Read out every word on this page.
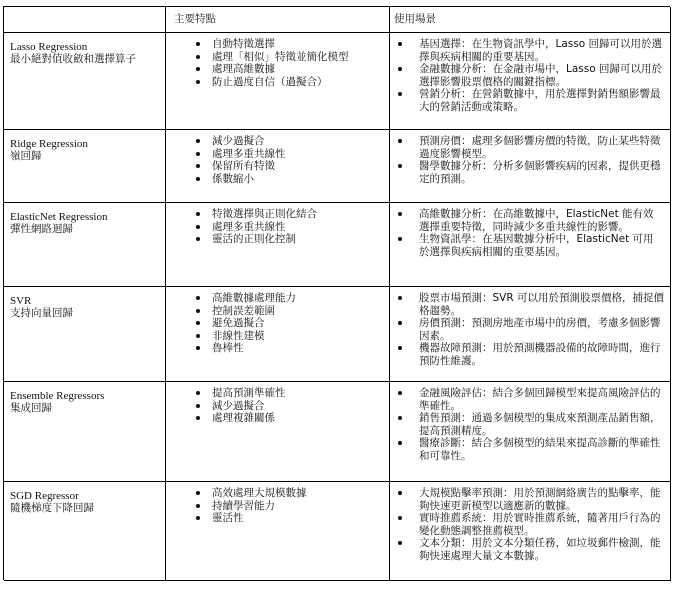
主要特點	使用場景
Lasso Regression
最小絕對值收斂和選擇算子
自動特徵選擇
處理「相似」特徵並簡化模型
處理高維數據
防止過度自信（過擬合）
基因選擇：在生物資訊學中，Lasso 回歸可以用於選擇與疾病相關的重要基因。
金融數據分析：在金融市場中，Lasso 回歸可以用於選擇影響股票價格的關鍵指標。
營銷分析：在營銷數據中，用於選擇對銷售額影響最大的營銷活動或策略。
Ridge Regression
嶺回歸
減少過擬合
處理多重共線性
保留所有特徵
係數縮小
預測房價：處理多個影響房價的特徵，防止某些特徵過度影響模型。
醫學數據分析：分析多個影響疾病的因素，提供更穩定的預測。
ElasticNet Regression
彈性網路迴歸
特徵選擇與正則化結合
處理多重共線性
靈活的正則化控制
高維數據分析：在高維數據中，ElasticNet 能有效選擇重要特徵，同時減少多重共線性的影響。
生物資訊學：在基因數據分析中，ElasticNet 可用於選擇與疾病相關的重要基因。
SVR
支持向量回歸
高維數據處理能力
控制誤差範圍
避免過擬合
非線性建模
魯棒性
股票市場預測：SVR 可以用於預測股票價格，捕捉價格趨勢。
房價預測：預測房地產市場中的房價，考慮多個影響因素。
機器故障預測：用於預測機器設備的故障時間，進行預防性維護。
Ensemble Regressors
集成回歸
提高預測準確性
減少過擬合
處理複雜關係
金融風險評估：結合多個回歸模型來提高風險評估的準確性。
銷售預測：通過多個模型的集成來預測產品銷售額，提高預測精度。
醫療診斷：結合多個模型的結果來提高診斷的準確性和可靠性。
SGD Regressor
隨機梯度下降回歸
高效處理大規模數據
持續學習能力
靈活性
大規模點擊率預測：用於預測網絡廣告的點擊率，能夠快速更新模型以適應新的數據。
實時推薦系統：用於實時推薦系統，隨著用戶行為的變化動態調整推薦模型。
文本分類：用於文本分類任務，如垃圾郵件檢測，能夠快速處理大量文本數據。
